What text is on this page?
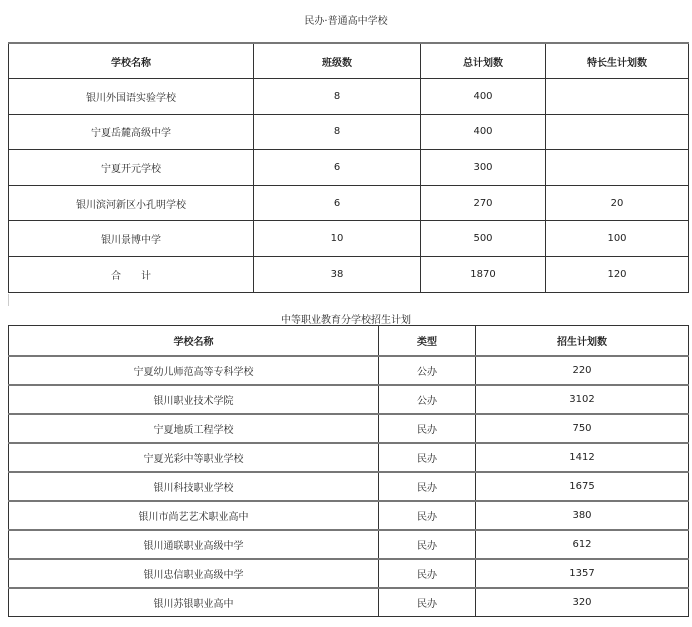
民办·普通高中学校
学校名称	班级数	总计划数	特长生计划数
银川外国语实验学校	8	400	
宁夏岳麓高级中学	8	400	
宁夏开元学校	6	300	
银川滨河新区小孔明学校	6	270	20
银川景博中学	10	500	100
合　　计	38	1870	120
中等职业教育分学校招生计划
学校名称	类型	招生计划数
宁夏幼儿师范高等专科学校	公办	220
银川职业技术学院	公办	3102
宁夏地质工程学校	民办	750
宁夏光彩中等职业学校	民办	1412
银川科技职业学校	民办	1675
银川市尚艺艺术职业高中	民办	380
银川通联职业高级中学	民办	612
银川忠信职业高级中学	民办	1357
银川苏银职业高中	民办	320
